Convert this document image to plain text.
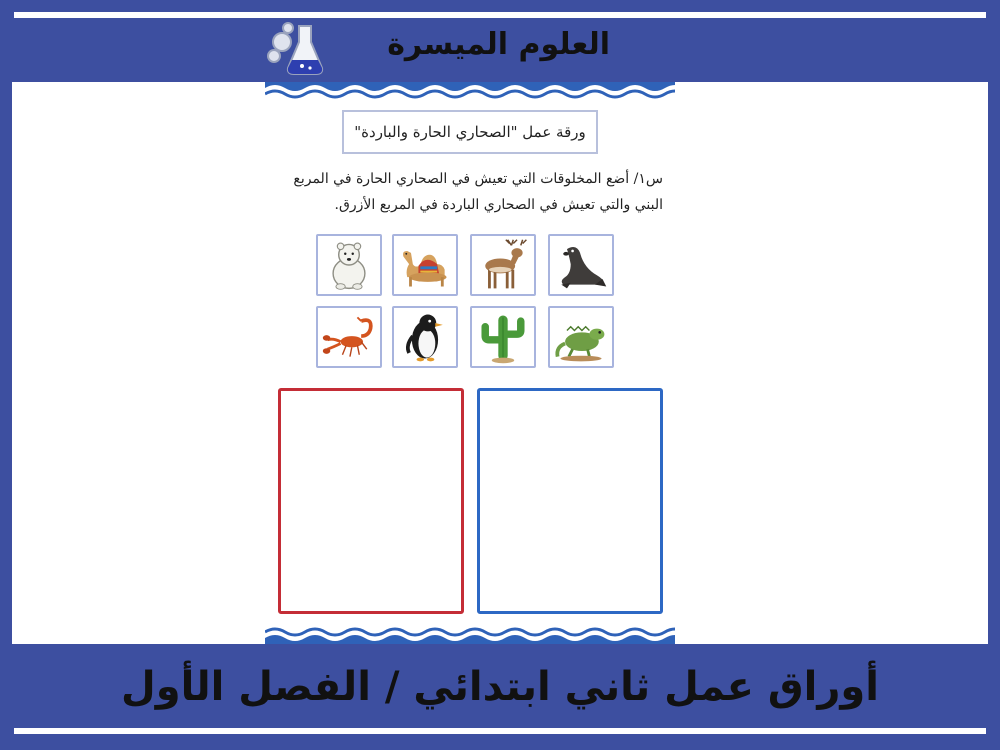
العلوم الميسرة
ورقة عمل "الصحاري الحارة والباردة"
س١/ أضع المخلوقات التي تعيش في الصحاري الحارة في المربع البني والتي تعيش في الصحاري الباردة في المربع الأزرق.
أوراق عمل ثاني ابتدائي / الفصل الأول
